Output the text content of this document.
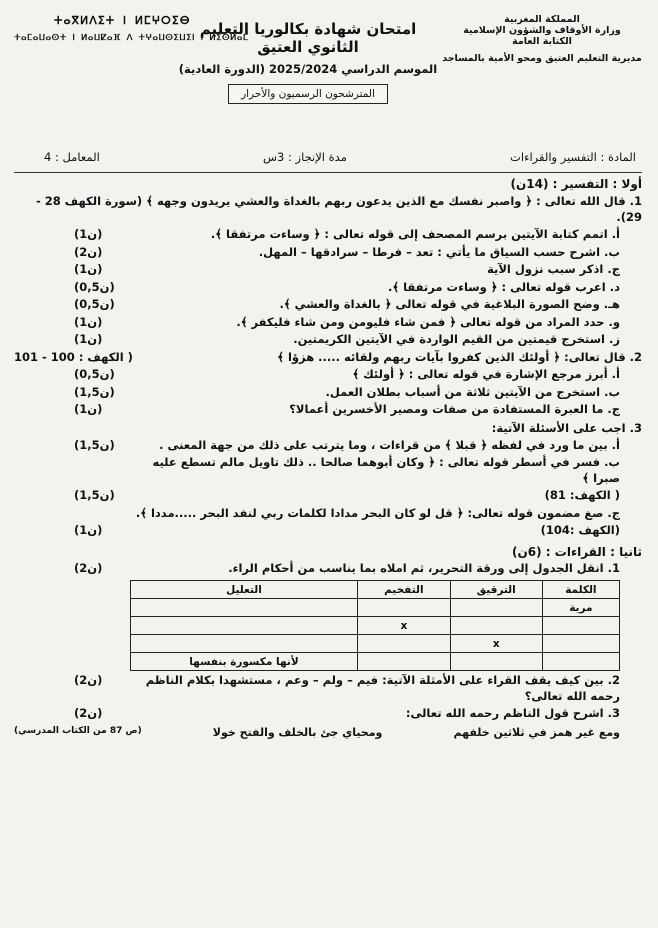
المملكة المغربية
وزارة الأوقاف والشؤون الإسلامية
الكتابة العامة
مديرية التعليم العتيق ومحو الأمية بالمساجد
ⵜⴰⴳⵍⴷⵉⵜ ⵏ ⵍⵎⵖⵔⵉⴱ
ⵜⴰⵎⴰⵡⴰⵙⵜ ⵏ ⵍⴰⵡⵇⴰⴼ ⴷ ⵜⵖⴰⵡⵙⵉⵡⵉⵏ ⵏ ⵍⵉⵙⵍⴰⵎ
امتحان شهادة بكالوريا التعليم الثانوي العتيق
الموسم الدراسي 2025/2024 (الدورة العادية)
المترشحون الرسميون والأحرار
المادة : التفسير والقراءات
مدة الإنجاز : 3س
المعامل : 4
أولا : التفسير : (14ن)
1. قال الله تعالى : ﴿ واصبر نفسك مع الذين يدعون ربهم بالغداة والعشي يريدون وجهه ﴾ (سورة الكهف 28 - 29).
أ. اتمم كتابة الآيتين برسم المصحف إلى قوله تعالى : ﴿ وساءت مرتفقا ﴾.
(1ن)
ب. اشرح حسب السياق ما يأتي : تعد – فرطا – سرادقها – المهل.
(2ن)
ج. اذكر سبب نزول الآية
(1ن)
د. اعرب قوله تعالى : ﴿ وساءت مرتفقا ﴾.
(0,5ن)
هـ. وضح الصورة البلاغية في قوله تعالى ﴿ بالغداة والعشي ﴾.
(0,5ن)
و. حدد المراد من قوله تعالى ﴿ فمن شاء فليومن ومن شاء فليكفر ﴾.
(1ن)
ز. استخرج قيمتين من القيم الواردة في الآيتين الكريمتين.
(1ن)
2. قال تعالى: ﴿ أولئك الذين كفروا بآيات ربهم ولقائه ..... هزؤا ﴾
( الكهف : 100 - 101
أ. أبرز مرجع الإشارة في قوله تعالى : ﴿ أولئك ﴾
(0,5ن)
ب. استخرج من الآيتين ثلاثة من أسباب بطلان العمل.
(1,5ن)
ج. ما العبرة المستفادة من صفات ومصير الأخسرين أعمالا؟
(1ن)
3. اجب على الأسئلة الآتية:
أ. بين ما ورد في لفظه ﴿ قبلا ﴾ من قراءات ، وما يترتب على ذلك من جهة المعنى .
(1,5ن)
ب. فسر في أسطر قوله تعالى : ﴿ وكان أبوهما صالحا .. ذلك تاويل مالم تسطع عليه صبرا ﴾
( الكهف: 81)
(1,5ن)
ج. صغ مضمون قوله تعالى: ﴿ قل لو كان البحر مدادا لكلمات ربي لنفد البحر .....مددا ﴾.
(الكهف :104)
(1ن)
ثانيا : القراءات : (6ن)
1. انقل الجدول إلى ورقة التحرير، ثم املاه بما يناسب من أحكام الراء.
(2ن)
الكلمة	الترقيق	التفخيم	التعليل
مرية			
		x	
	x		
			لأنها مكسورة بنفسها
2. بين كيف يقف القراء على الأمثلة الآتية: فيم – ولم – وعم ، مستشهدا بكلام الناظم رحمه الله تعالى؟
(2ن)
3. اشرح قول الناظم رحمه الله تعالى:
(2ن)
ومع غير همز في ثلاثين خلفهم
ومحياي جئ بالخلف والفتح خولا
(ص 87 من الكتاب المدرسي)
